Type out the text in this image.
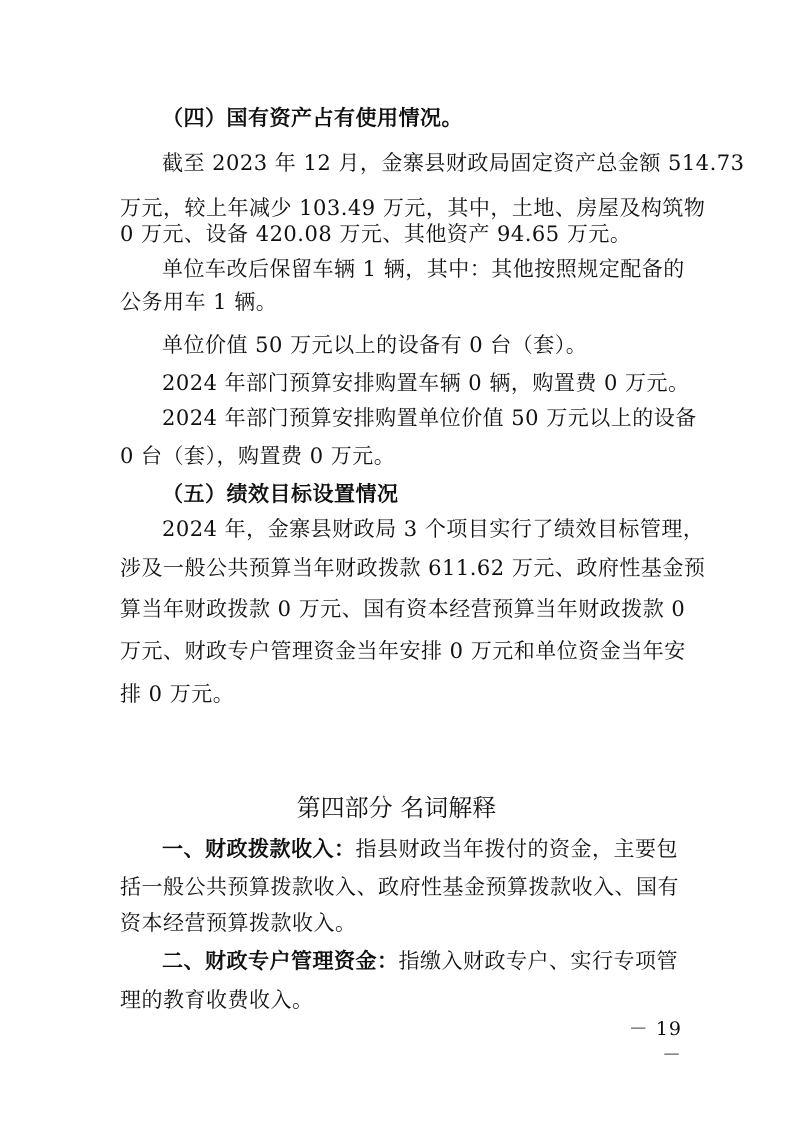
（四）国有资产占有使用情况。
截至 2023 年 12 月，金寨县财政局固定资产总金额 514.73
万元，较上年减少 103.49 万元，其中，土地、房屋及构筑物
0 万元、设备 420.08 万元、其他资产 94.65 万元。
单位车改后保留车辆 1 辆，其中：其他按照规定配备的
公务用车 1 辆。
单位价值 50 万元以上的设备有 0 台（套）。
2024 年部门预算安排购置车辆 0 辆，购置费 0 万元。
2024 年部门预算安排购置单位价值 50 万元以上的设备
0 台（套），购置费 0 万元。
（五）绩效目标设置情况
2024 年，金寨县财政局 3 个项目实行了绩效目标管理，
涉及一般公共预算当年财政拨款 611.62 万元、政府性基金预
算当年财政拨款 0 万元、国有资本经营预算当年财政拨款 0
万元、财政专户管理资金当年安排 0 万元和单位资金当年安
排 0 万元。
第四部分 名词解释
一、财政拨款收入：指县财政当年拨付的资金，主要包
括一般公共预算拨款收入、政府性基金预算拨款收入、国有
资本经营预算拨款收入。
二、财政专户管理资金：指缴入财政专户、实行专项管
理的教育收费收入。
－ 19 －
